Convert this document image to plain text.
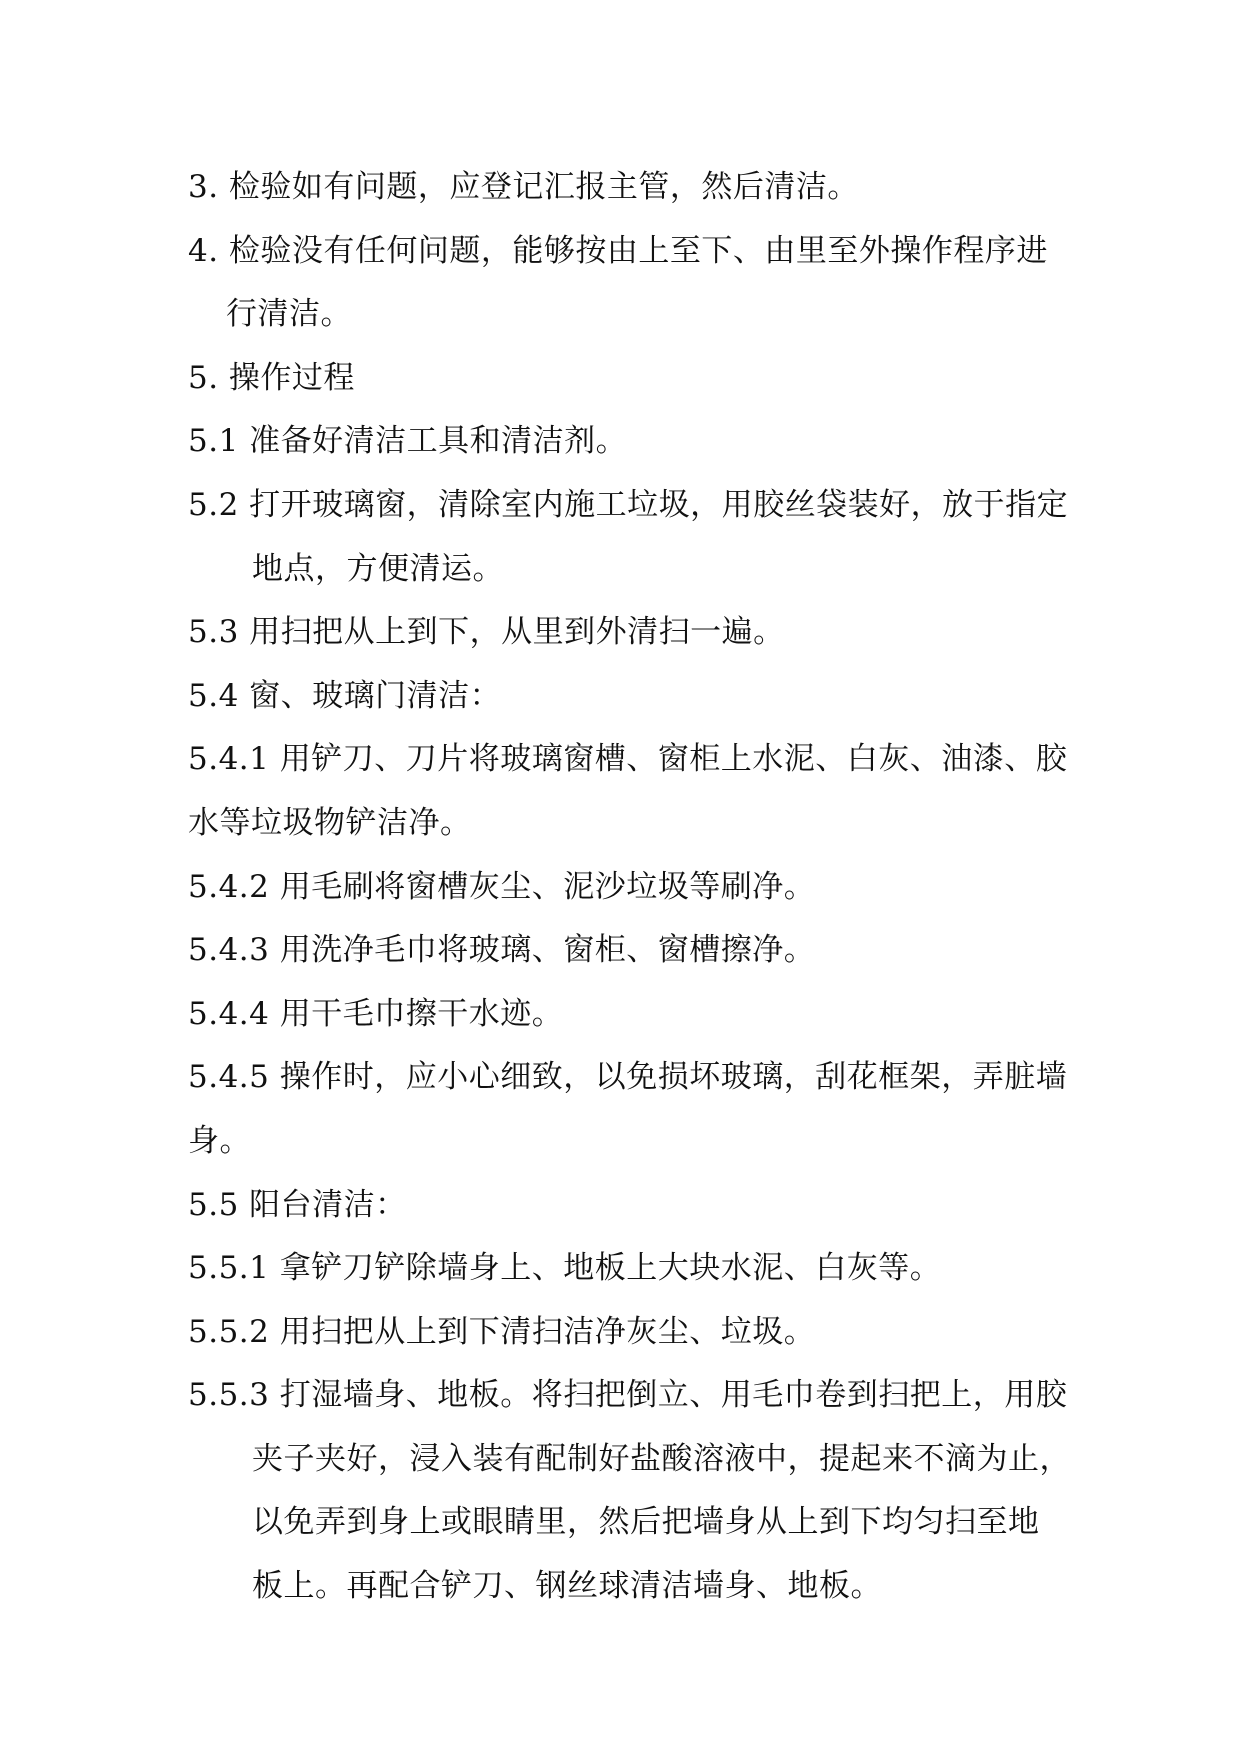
3. 检验如有问题，应登记汇报主管，然后清洁。
4. 检验没有任何问题，能够按由上至下、由里至外操作程序进
行清洁。
5. 操作过程
5.1 准备好清洁工具和清洁剂。
5.2 打开玻璃窗，清除室内施工垃圾，用胶丝袋装好，放于指定
地点，方便清运。
5.3 用扫把从上到下，从里到外清扫一遍。
5.4 窗、玻璃门清洁：
5.4.1 用铲刀、刀片将玻璃窗槽、窗柜上水泥、白灰、油漆、胶
水等垃圾物铲洁净。
5.4.2 用毛刷将窗槽灰尘、泥沙垃圾等刷净。
5.4.3 用洗净毛巾将玻璃、窗柜、窗槽擦净。
5.4.4 用干毛巾擦干水迹。
5.4.5 操作时，应小心细致，以免损坏玻璃，刮花框架，弄脏墙
身。
5.5 阳台清洁：
5.5.1 拿铲刀铲除墙身上、地板上大块水泥、白灰等。
5.5.2 用扫把从上到下清扫洁净灰尘、垃圾。
5.5.3 打湿墙身、地板。将扫把倒立、用毛巾卷到扫把上，用胶
夹子夹好，浸入装有配制好盐酸溶液中，提起来不滴为止，
以免弄到身上或眼睛里，然后把墙身从上到下均匀扫至地
板上。再配合铲刀、钢丝球清洁墙身、地板。
